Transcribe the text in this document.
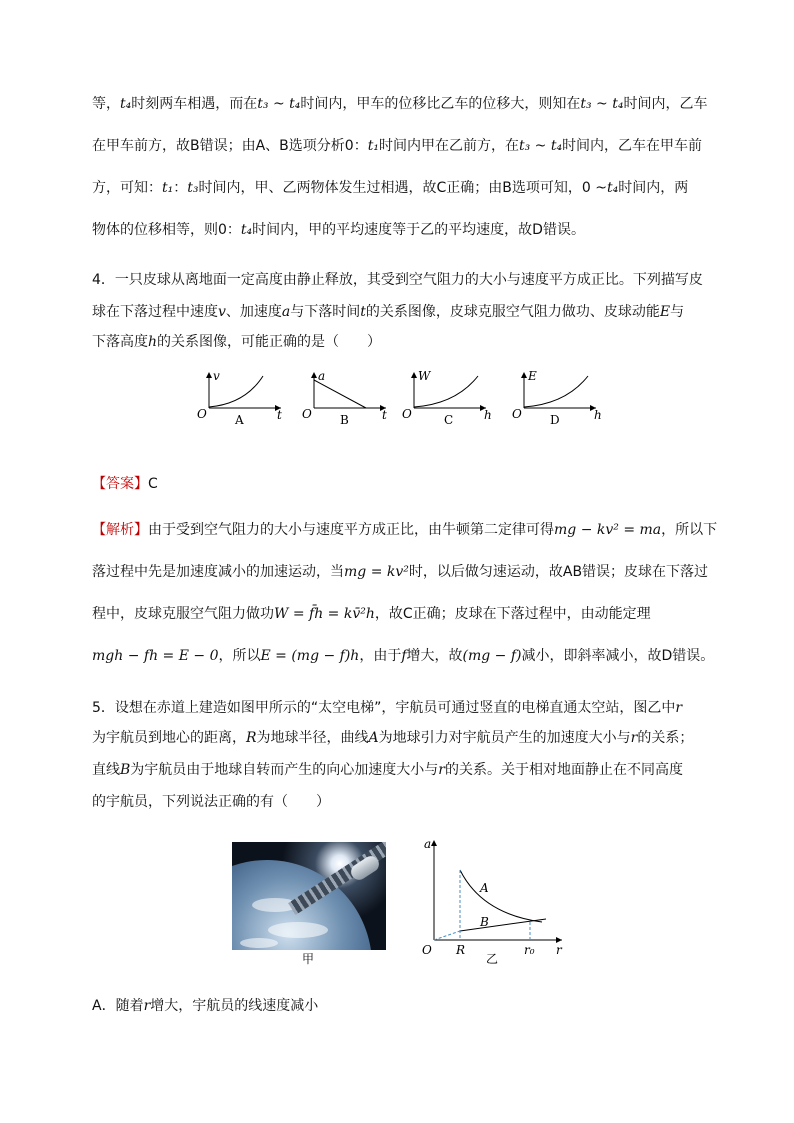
等，t₄时刻两车相遇，而在t₃ ~ t₄时间内，甲车的位移比乙车的位移大，则知在t₃ ~ t₄时间内，乙车
在甲车前方，故B错误；由A、B选项分析0：t₁时间内甲在乙前方，在t₃ ~ t₄时间内，乙车在甲车前
方，可知：t₁：t₃时间内，甲、乙两物体发生过相遇，故C正确；由B选项可知，0 ~t₄时间内，两
物体的位移相等，则0：t₄时间内，甲的平均速度等于乙的平均速度，故D错误。
4．一只皮球从离地面一定高度由静止释放，其受到空气阻力的大小与速度平方成正比。下列描写皮
球在下落过程中速度v、加速度a与下落时间t的关系图像，皮球克服空气阻力做功、皮球动能E与
下落高度h的关系图像，可能正确的是（　　）
v
t
O A
a
t
O B
W
h
O	C
E
h
O D
【答案】C
【解析】由于受到空气阻力的大小与速度平方成正比，由牛顿第二定律可得mg − kv² = ma，所以下
落过程中先是加速度减小的加速运动，当mg = kv²时，以后做匀速运动，故AB错误；皮球在下落过
程中，皮球克服空气阻力做功W = f̄h = kv̄²h，故C正确；皮球在下落过程中，由动能定理
mgh − fh = E − 0，所以E = (mg − f)h，由于f增大，故(mg − f)减小，即斜率减小，故D错误。
5．设想在赤道上建造如图甲所示的“太空电梯”，宇航员可通过竖直的电梯直通太空站，图乙中r
为宇航员到地心的距离，R为地球半径，曲线A为地球引力对宇航员产生的加速度大小与r的关系；
直线B为宇航员由于地球自转而产生的向心加速度大小与r的关系。关于相对地面静止在不同高度
的宇航员，下列说法正确的有（　　）
甲
a
r
O R	r₀
A
B
乙
A．随着r增大，宇航员的线速度减小
